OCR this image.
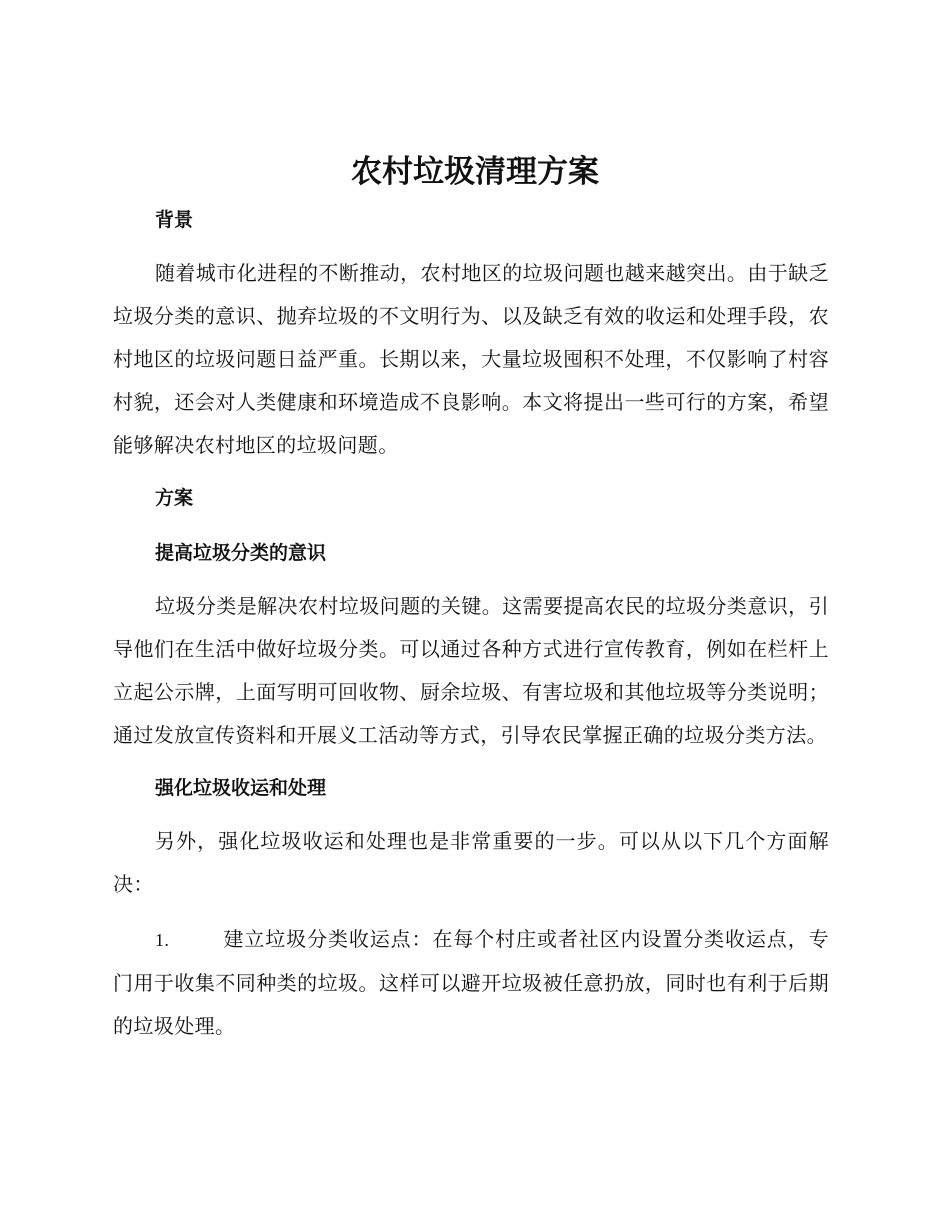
农村垃圾清理方案

背景

随着城市化进程的不断推动，农村地区的垃圾问题也越来越突出。由于缺乏垃圾分类的意识、抛弃垃圾的不文明行为、以及缺乏有效的收运和处理手段，农村地区的垃圾问题日益严重。长期以来，大量垃圾囤积不处理，不仅影响了村容村貌，还会对人类健康和环境造成不良影响。本文将提出一些可行的方案，希望能够解决农村地区的垃圾问题。

方案

提高垃圾分类的意识

垃圾分类是解决农村垃圾问题的关键。这需要提高农民的垃圾分类意识，引导他们在生活中做好垃圾分类。可以通过各种方式进行宣传教育，例如在栏杆上立起公示牌，上面写明可回收物、厨余垃圾、有害垃圾和其他垃圾等分类说明；通过发放宣传资料和开展义工活动等方式，引导农民掌握正确的垃圾分类方法。

强化垃圾收运和处理

另外，强化垃圾收运和处理也是非常重要的一步。可以从以下几个方面解决：

1.	建立垃圾分类收运点：在每个村庄或者社区内设置分类收运点，专门用于收集不同种类的垃圾。这样可以避开垃圾被任意扔放，同时也有利于后期的垃圾处理。
